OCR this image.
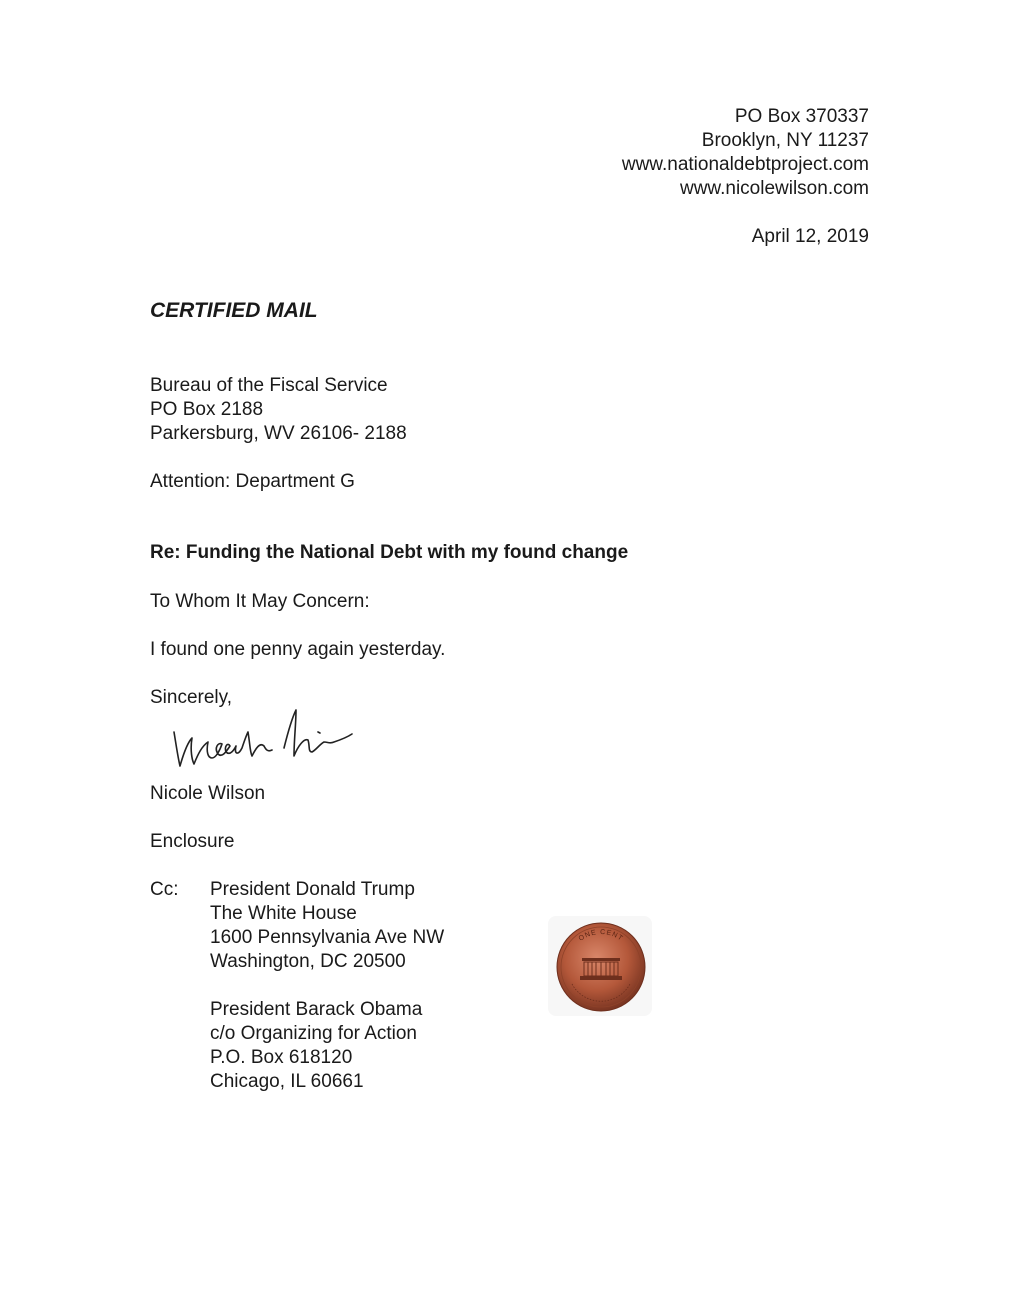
PO Box 370337
Brooklyn, NY 11237
www.nationaldebtproject.com
www.nicolewilson.com
April 12, 2019
CERTIFIED MAIL
Bureau of the Fiscal Service
PO Box 2188
Parkersburg, WV 26106- 2188
Attention: Department G
Re: Funding the National Debt with my found change
To Whom It May Concern:
I found one penny again yesterday.
Sincerely,
Nicole Wilson
Enclosure
Cc: President Donald Trump
The White House
1600 Pennsylvania Ave NW
Washington, DC 20500
President Barack Obama
c/o Organizing for Action
P.O. Box 618120
Chicago, IL 60661
ONE CENT
